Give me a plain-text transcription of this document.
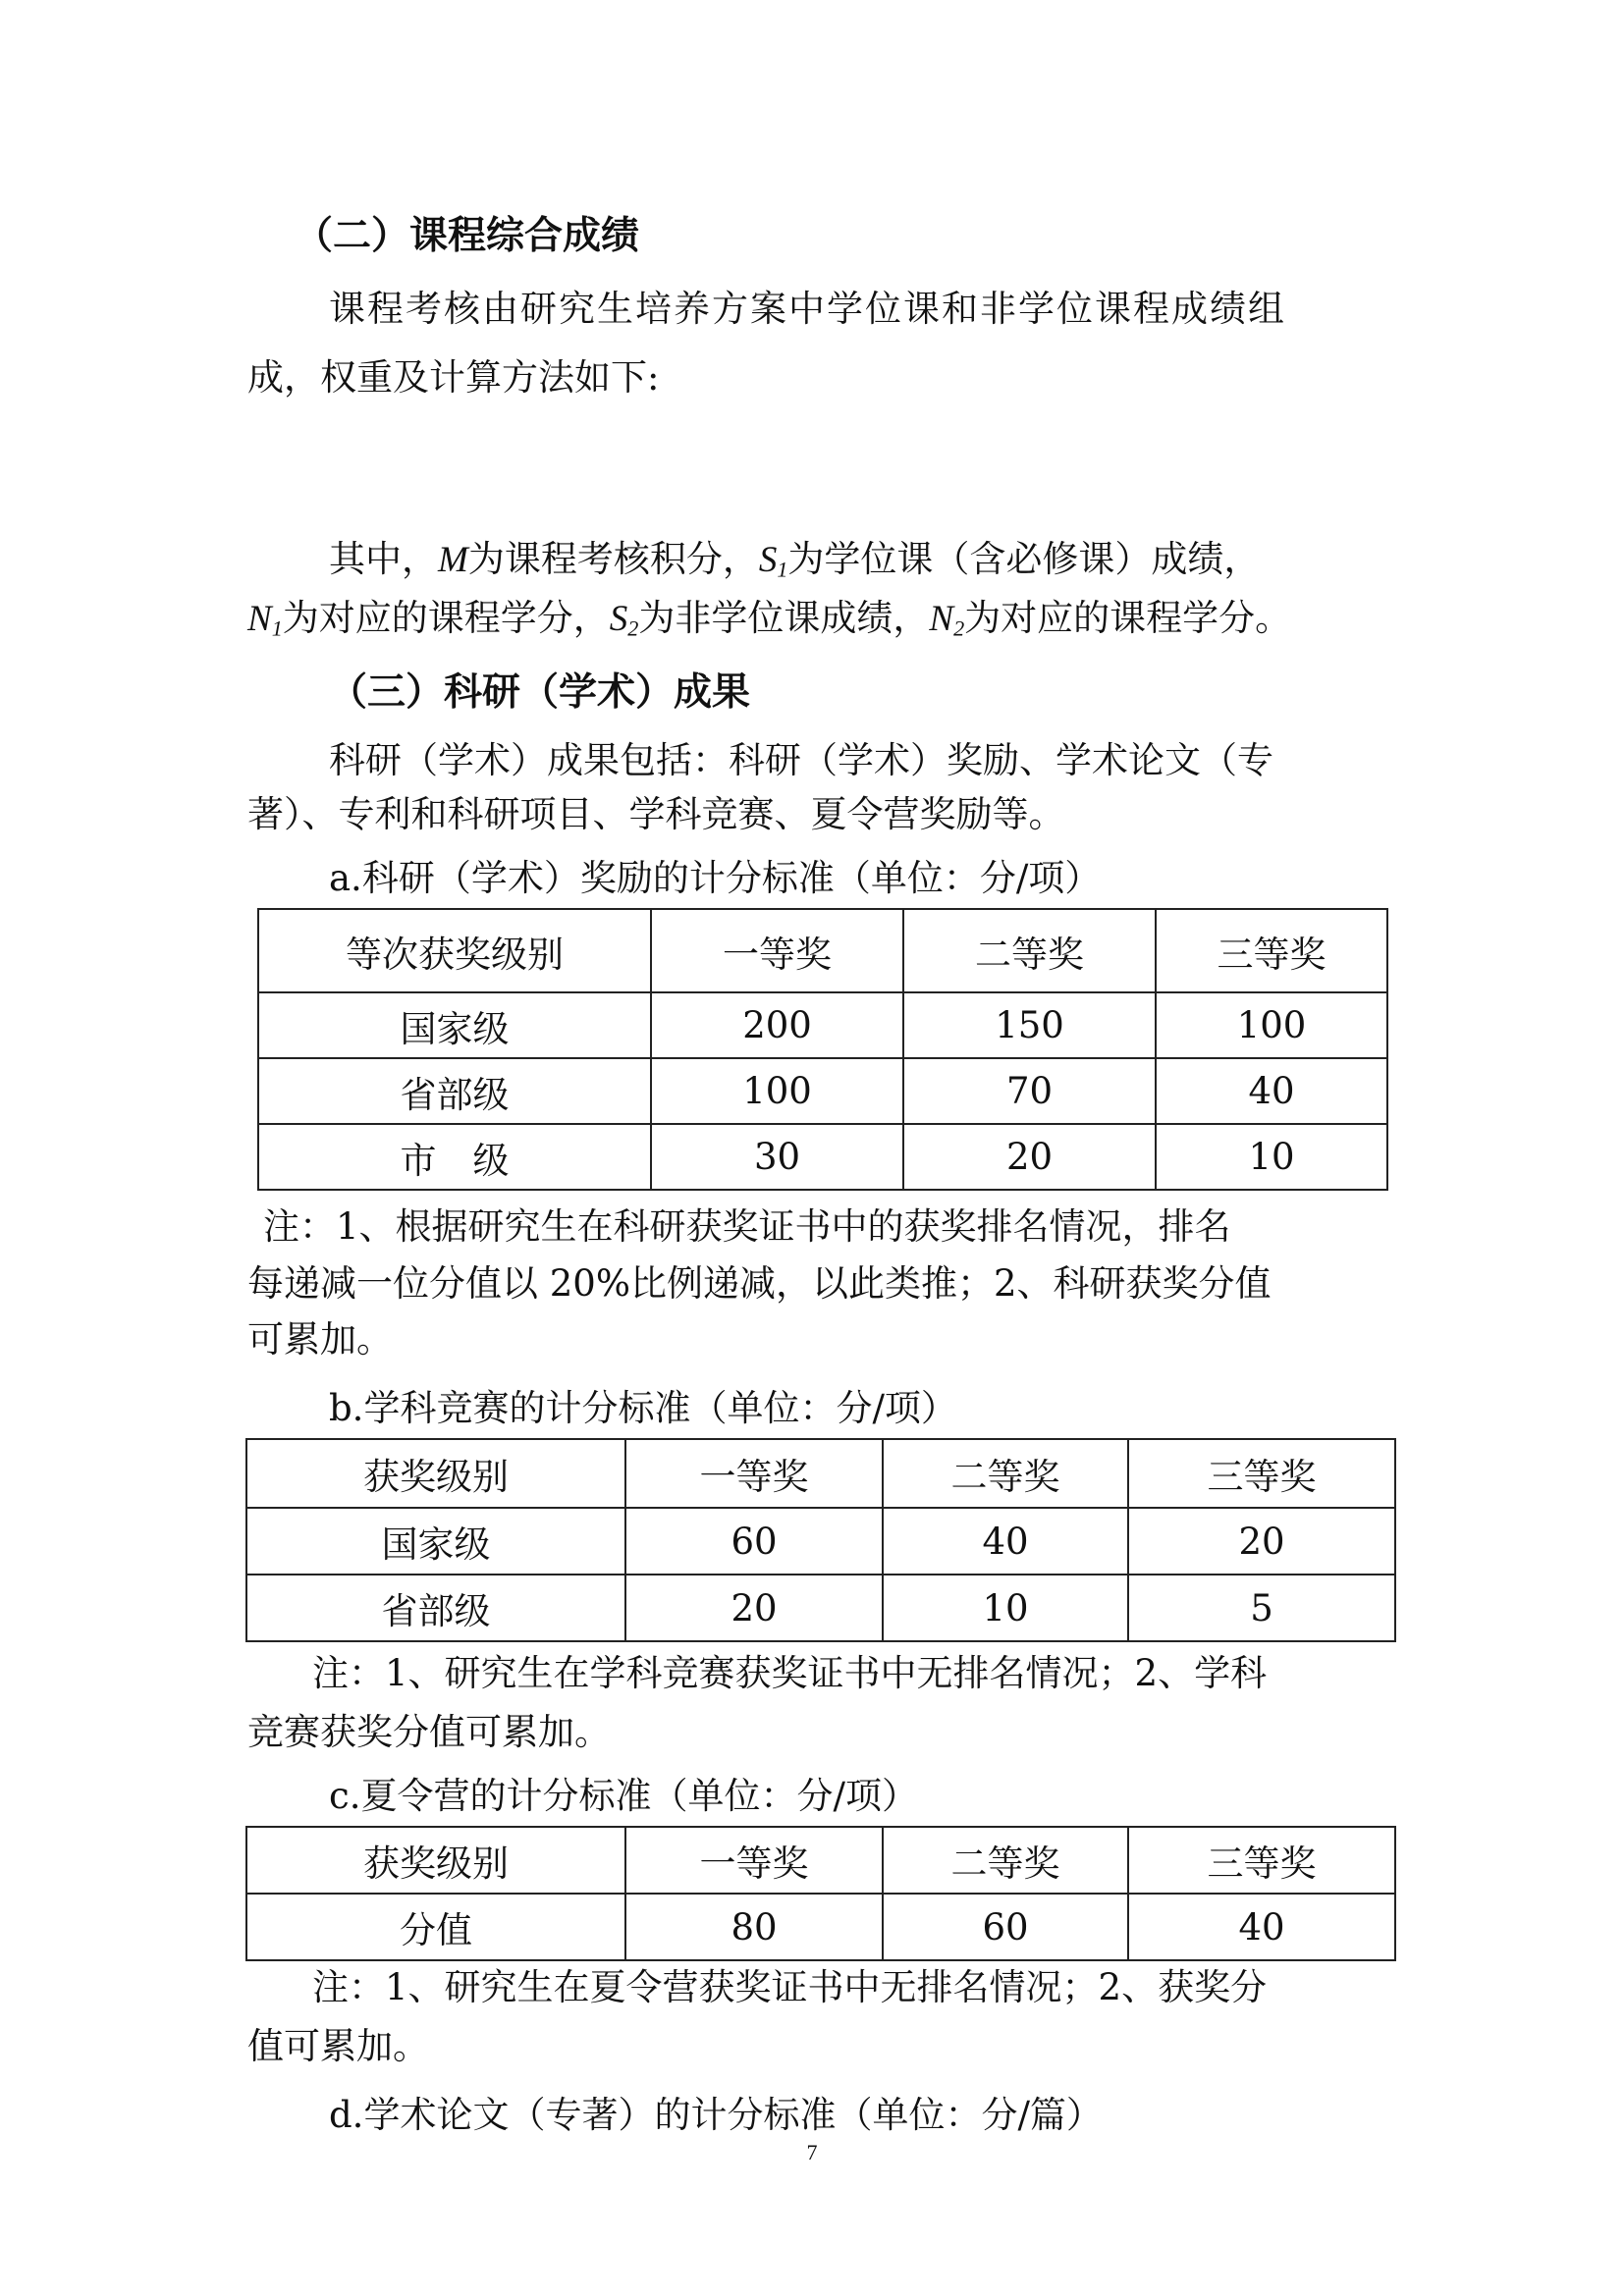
（二）课程综合成绩
课程考核由研究生培养方案中学位课和非学位课程成绩组
成，权重及计算方法如下:
其中，M为课程考核积分，$S_1$为学位课（含必修课）成绩，
$N_1$为对应的课程学分，$S_2$为非学位课成绩，$N_2$为对应的课程学分。
（三）科研（学术）成果
科研（学术）成果包括：科研（学术）奖励、学术论文（专
著）、专利和科研项目、学科竞赛、夏令营奖励等。
a.科研（学术）奖励的计分标准（单位：分/项）
等次获奖级别	一等奖	二等奖	三等奖
国家级	200	150	100
省部级	100	70	40
市　级	30	20	10
注：1、根据研究生在科研获奖证书中的获奖排名情况，排名
每递减一位分值以 20%比例递减，以此类推；2、科研获奖分值
可累加。
b.学科竞赛的计分标准（单位：分/项）
获奖级别	一等奖	二等奖	三等奖
国家级	60	40	20
省部级	20	10	5
注：1、研究生在学科竞赛获奖证书中无排名情况；2、学科
竞赛获奖分值可累加。
c.夏令营的计分标准（单位：分/项）
获奖级别	一等奖	二等奖	三等奖
分值	80	60	40
注：1、研究生在夏令营获奖证书中无排名情况；2、获奖分
值可累加。
d.学术论文（专著）的计分标准（单位：分/篇）
7
